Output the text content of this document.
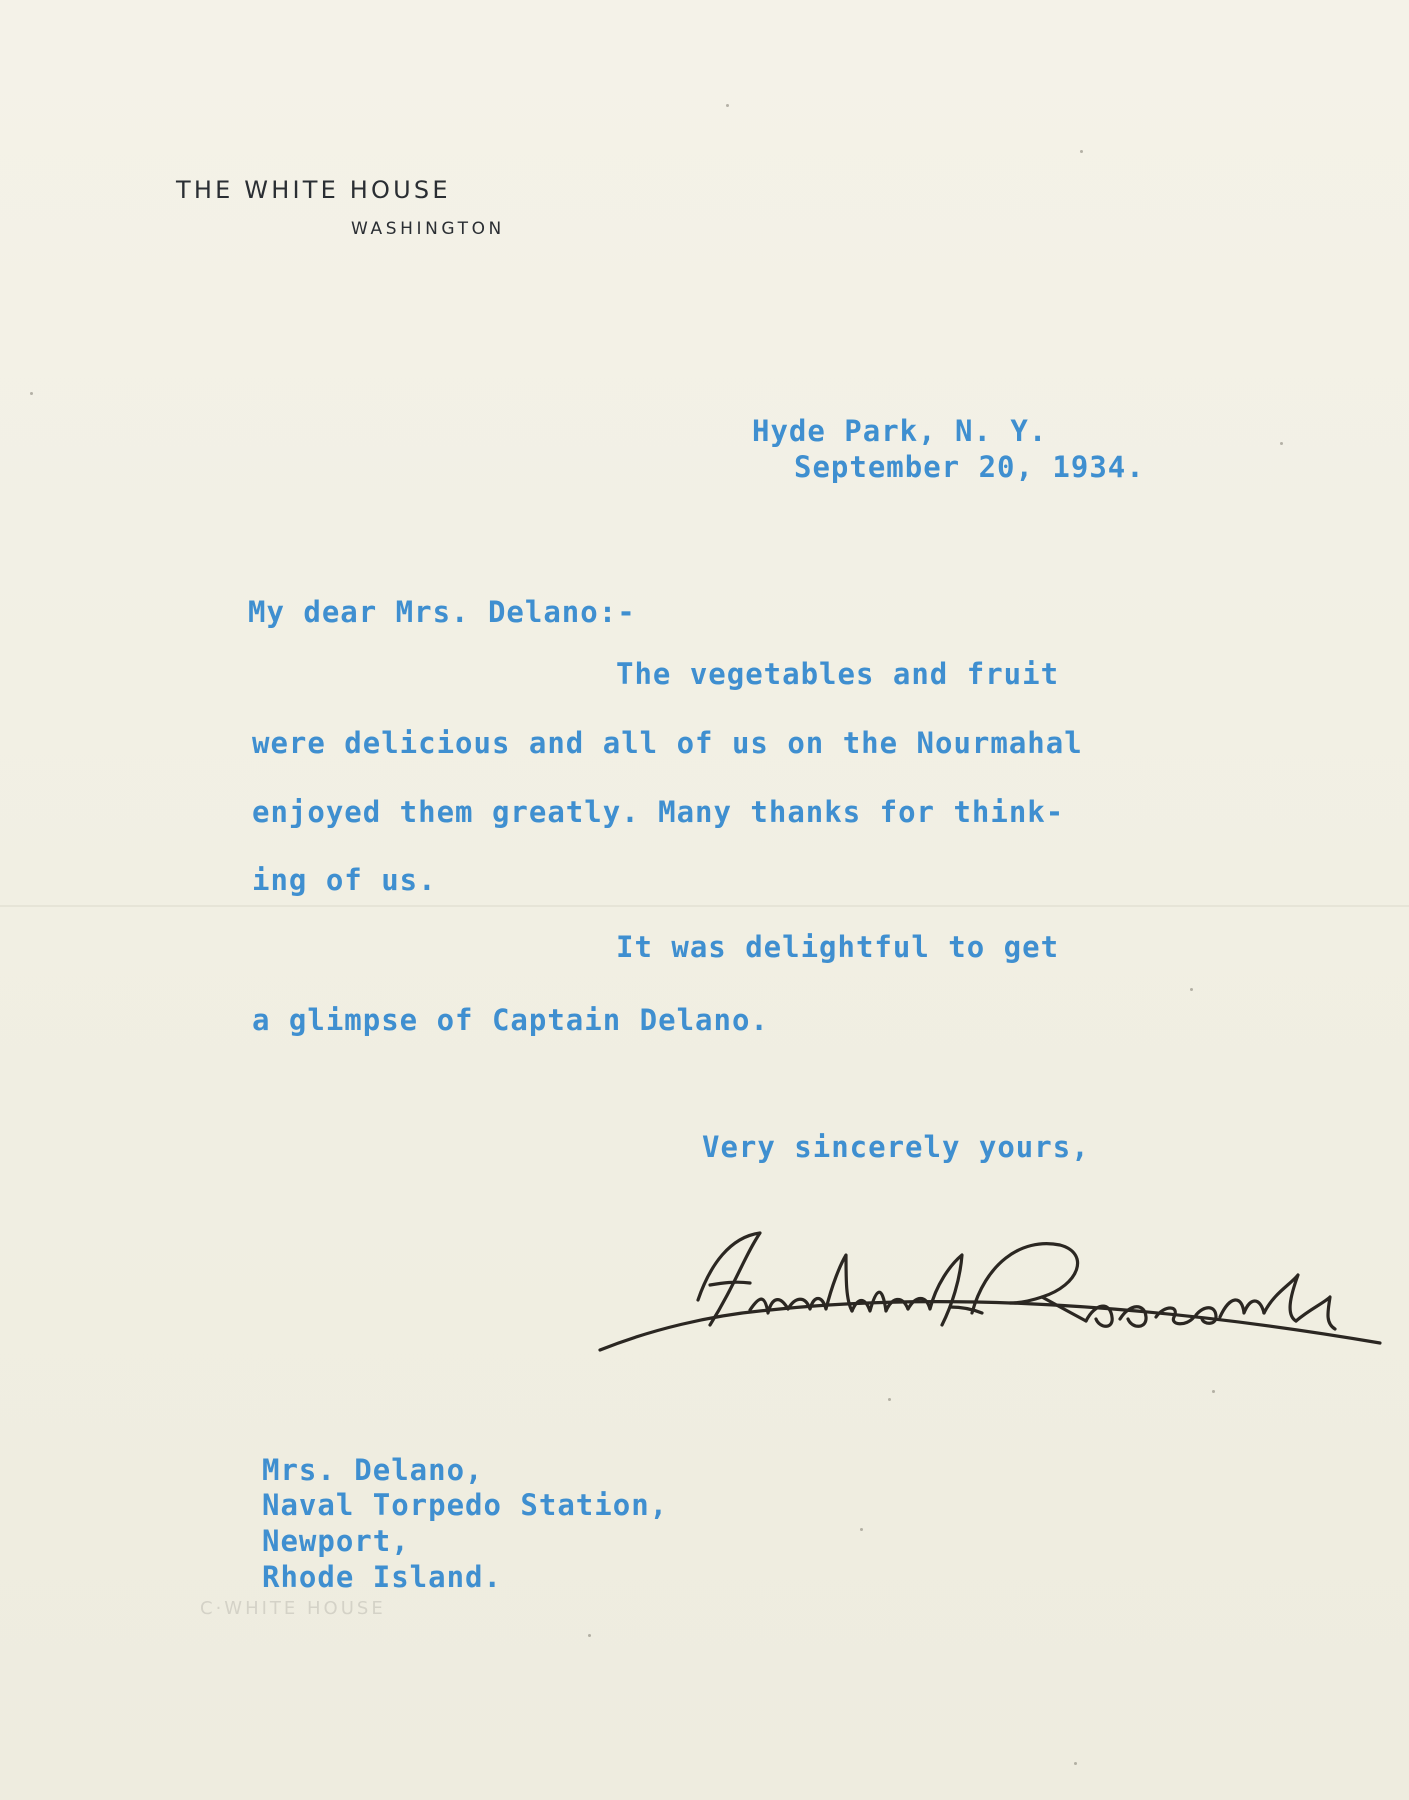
THE WHITE HOUSE
WASHINGTON
Hyde Park, N. Y.
September 20, 1934.
My dear Mrs. Delano:-
The vegetables and fruit
were delicious and all of us on the Nourmahal
enjoyed them greatly. Many thanks for think-
ing of us.
It was delightful to get
a glimpse of Captain Delano.
Very sincerely yours,
Mrs. Delano,
Naval Torpedo Station,
Newport,
Rhode Island.
C·WHITE HOUSE
